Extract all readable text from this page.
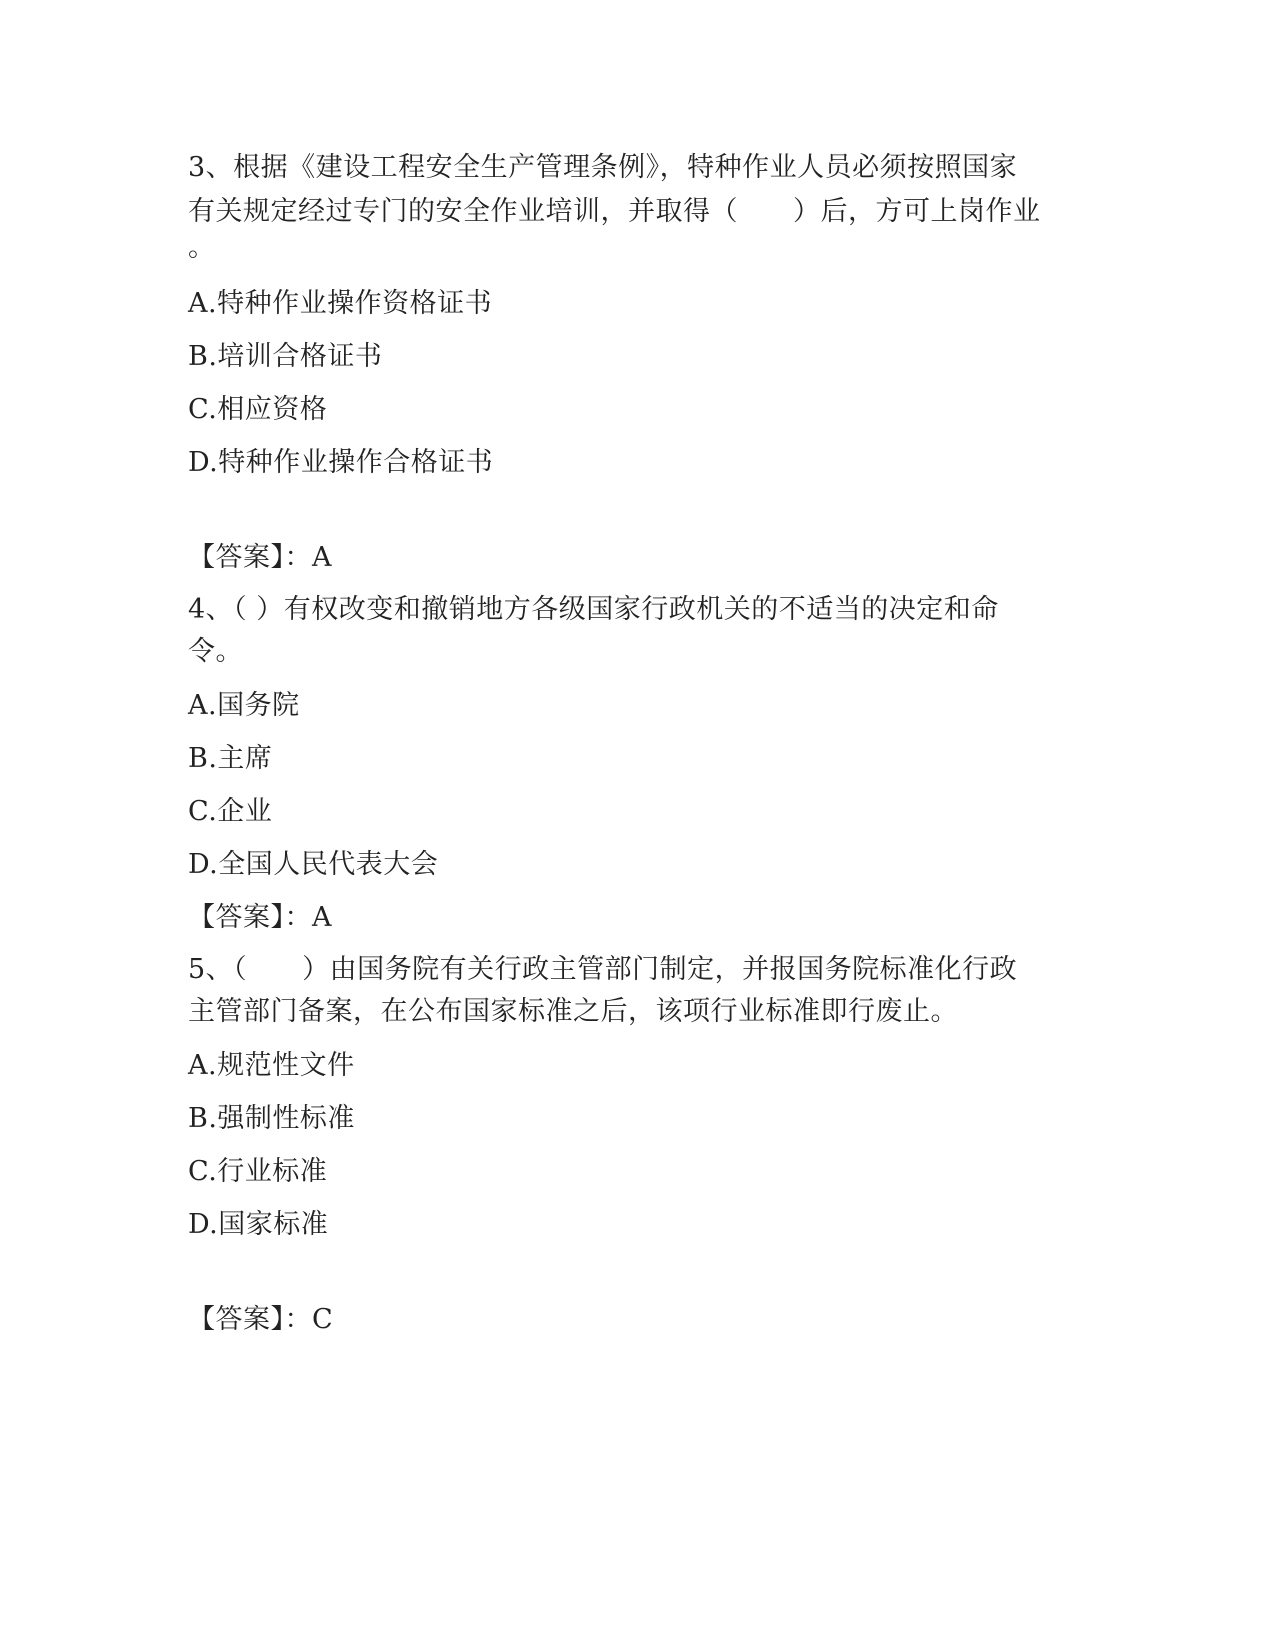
3、根据《建设工程安全生产管理条例》，特种作业人员必须按照国家
有关规定经过专门的安全作业培训，并取得（　　）后，方可上岗作业
。
A.特种作业操作资格证书
B.培训合格证书
C.相应资格
D.特种作业操作合格证书
【答案】：A
4、（ ）有权改变和撤销地方各级国家行政机关的不适当的决定和命
令。
A.国务院
B.主席
C.企业
D.全国人民代表大会
【答案】：A
5、（　　）由国务院有关行政主管部门制定，并报国务院标准化行政
主管部门备案，在公布国家标准之后，该项行业标准即行废止。
A.规范性文件
B.强制性标准
C.行业标准
D.国家标准
【答案】：C
